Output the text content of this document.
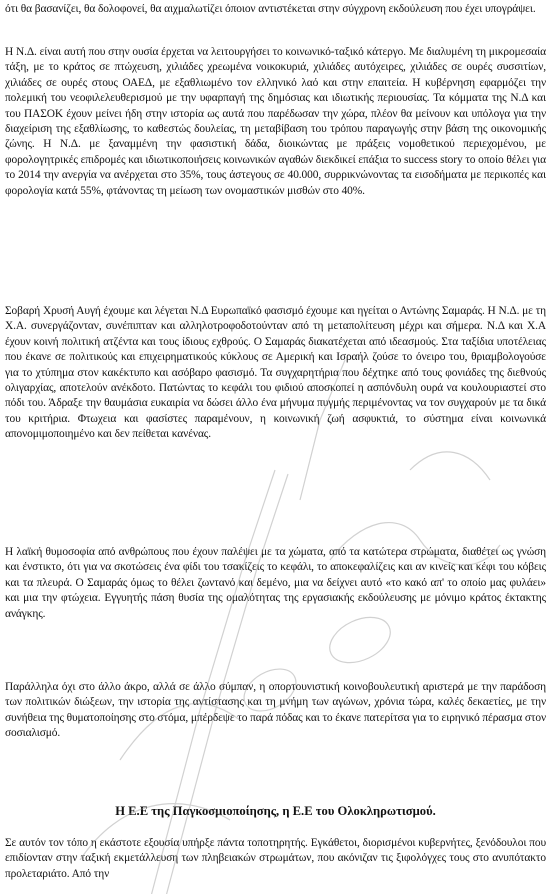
ότι θα βασανίζει, θα δολοφονεί, θα αιχμαλωτίζει όποιον αντιστέκεται στην σύγχρονη εκδούλευση που έχει υπογράψει.

Η Ν.Δ. είναι αυτή που στην ουσία έρχεται να λειτουργήσει το κοινωνικό-ταξικό κάτεργο. Με διαλυμένη τη μικρομεσαία τάξη, με το κράτος σε πτώχευση, χιλιάδες χρεωμένα νοικοκυριά, χιλιάδες αυτόχειρες, χιλιάδες σε ουρές συσσιτίων, χιλιάδες σε ουρές στους ΟΑΕΔ, με εξαθλιωμένο τον ελληνικό λαό και στην επαιτεία. Η κυβέρνηση εφαρμόζει την πολεμική του νεοφιλελευθερισμού με την υφαρπαγή της δημόσιας και ιδιωτικής περιουσίας. Τα κόμματα της Ν.Δ και του ΠΑΣΟΚ έχουν μείνει ήδη στην ιστορία ως αυτά που παρέδωσαν την χώρα, πλέον θα μείνουν και υπόλογα για την διαχείριση της εξαθλίωσης, το καθεστώς δουλείας, τη μεταβίβαση του τρόπου παραγωγής στην βάση της οικονομικής ζώνης. Η Ν.Δ. με ξαναμμένη την φασιστική δάδα, διοικώντας με πράξεις νομοθετικού περιεχομένου, με φορολογητρικές επιδρομές και ιδιωτικοποιήσεις κοινωνικών αγαθών διεκδικεί επάξια το success story το οποίο θέλει για το 2014 την ανεργία να ανέρχεται στο 35%, τους άστεγους σε 40.000, συρρικνώνοντας τα εισοδήματα με περικοπές και φορολογία κατά 55%, φτάνοντας τη μείωση των ονομαστικών μισθών στο 40%.

Σοβαρή Χρυσή Αυγή έχουμε και λέγεται Ν.Δ Ευρωπαϊκό φασισμό έχουμε και ηγείται ο Αντώνης Σαμαράς. Η Ν.Δ. με τη Χ.Α. συνεργάζονταν, συνέπιπταν και αλληλοτροφοδοτούνταν από τη μεταπολίτευση μέχρι και σήμερα. Ν.Δ και Χ.Α έχουν κοινή πολιτική ατζέντα και τους ίδιους εχθρούς. Ο Σαμαράς διακατέχεται από ιδεασμούς. Στα ταξίδια υποτέλειας που έκανε σε πολιτικούς και επιχειρηματικούς κύκλους σε Αμερική και Ισραήλ ζούσε το όνειρο του, θριαμβολογούσε για το χτύπημα στον κακέκτυπο και ασόβαρο φασισμό. Τα συγχαρητήρια που δέχτηκε από τους φονιάδες της διεθνούς ολιγαρχίας, αποτελούν ανέκδοτο. Πατώντας το κεφάλι του φιδιού αποσκοπεί η ασπόνδυλη ουρά να κουλουριαστεί στο πόδι του. Άδραξε την θαυμάσια ευκαιρία να δώσει άλλο ένα μήνυμα πυγμής περιμένοντας να τον συγχαρούν με τα δικά του κριτήρια. Φτωχεια και φασίστες παραμένουν, η κοινωνική ζωή ασφυκτιά, το σύστημα είναι κοινωνικά απονομιμοποιημένο και δεν πείθεται κανένας.

Η λαϊκή θυμοσοφία από ανθρώπους που έχουν παλέψει με τα χώματα, από τα κατώτερα στρώματα, διαθέτει ως γνώση και ένστικτο, ότι για να σκοτώσεις ένα φίδι του τσακίζεις το κεφάλι, το αποκεφαλίζεις και αν κινείς και κέφι του κόβεις και τα πλευρά. Ο Σαμαράς όμως το θέλει ζωντανό και δεμένο, μια να δείχνει αυτό «το κακό απ' το οποίο μας φυλάει» και μια την φτώχεια. Εγγυητής πάση θυσία της ομαλότητας της εργασιακής εκδούλευσης με μόνιμο κράτος έκτακτης ανάγκης.

Παράλληλα όχι στο άλλο άκρο, αλλά σε άλλο σύμπαν, η οπορτουνιστική κοινοβουλευτική αριστερά με την παράδοση των πολιτικών διώξεων, την ιστορία της αντίστασης και τη μνήμη των αγώνων, χρόνια τώρα, καλές δεκαετίες, με την συνήθεια της θυματοποίησης στο στόμα, μπέρδεψε το παρά πόδας και το έκανε πατερίτσα για το ειρηνικό πέρασμα στον σοσιαλισμό.

Η Ε.Ε της Παγκοσμιοποίησης, η Ε.Ε του Ολοκληρωτισμού.

Σε αυτόν τον τόπο η εκάστοτε εξουσία υπήρξε πάντα τοποτηρητής. Εγκάθετοι, διορισμένοι κυβερνήτες, ξενόδουλοι που επιδίονταν στην ταξική εκμετάλλευση των πληβειακών στρωμάτων, που ακόνιζαν τις ξιφολόγχες τους στο ανυπότακτο προλεταριάτο. Από την
